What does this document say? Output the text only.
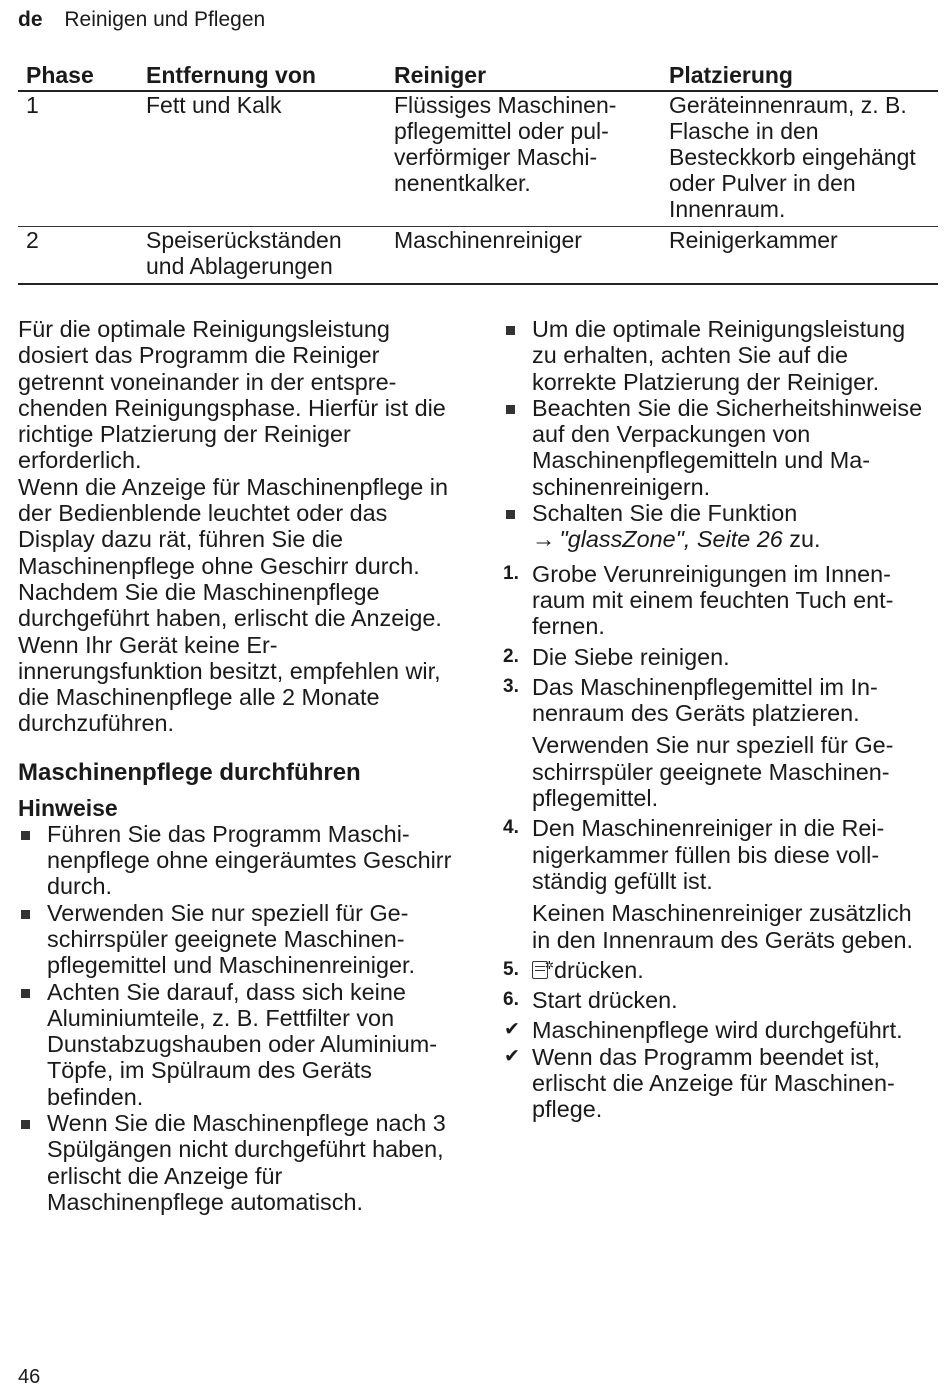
de Reinigen und Pflegen
Phase	Entfernung von	Reiniger	Platzierung
1	Fett und Kalk	Flüssiges Maschinenpflegemittel oder pulverförmiger Maschinenentkalker.	Geräteinnenraum, z. B. Flasche in den Besteckkorb eingehängt oder Pulver in den Innenraum.
2	Speiserückständen und Ablagerungen	Maschinenreiniger	Reinigerkammer

Für die optimale Reinigungsleistung dosiert das Programm die Reiniger getrennt voneinander in der entsprechenden Reinigungsphase. Hierfür ist die richtige Platzierung der Reiniger erforderlich.

Wenn die Anzeige für Maschinenpflege in der Bedienblende leuchtet oder das Display dazu rät, führen Sie die Maschinenpflege ohne Geschirr durch. Nachdem Sie die Maschinenpflege durchgeführt haben, erlischt die Anzeige. Wenn Ihr Gerät keine Erinnerungsfunktion besitzt, empfehlen wir, die Maschinenpflege alle 2 Monate durchzuführen.

Maschinenpflege durchführen
Hinweise
Führen Sie das Programm Maschinenpflege ohne eingeräumtes Geschirr durch.
Verwenden Sie nur speziell für Geschirrspüler geeignete Maschinenpflegemittel und Maschinenreiniger.
Achten Sie darauf, dass sich keine Aluminiumteile, z. B. Fettfilter von Dunstabzugshauben oder Aluminium-Töpfe, im Spülraum des Geräts befinden.
Wenn Sie die Maschinenpflege nach 3 Spülgängen nicht durchgeführt haben, erlischt die Anzeige für Maschinenpflege automatisch.
Um die optimale Reinigungsleistung zu erhalten, achten Sie auf die korrekte Platzierung der Reiniger.
Beachten Sie die Sicherheitshinweise auf den Verpackungen von Maschinenpflegemitteln und Maschinenreinigern.
Schalten Sie die Funktion
→ "glassZone", Seite 26 zu.
1. Grobe Verunreinigungen im Innenraum mit einem feuchten Tuch entfernen.
2. Die Siebe reinigen.
3. Das Maschinenpflegemittel im Innenraum des Geräts platzieren.

Verwenden Sie nur speziell für Geschirrspüler geeignete Maschinenpflegemittel.

4. Den Maschinenreiniger in die Reinigerkammer füllen bis diese vollständig gefüllt ist.

Keinen Maschinenreiniger zusätzlich in den Innenraum des Geräts geben.

5. ✲ drücken.
6. Start drücken.
✔ Maschinenpflege wird durchgeführt.
✔ Wenn das Programm beendet ist, erlischt die Anzeige für Maschinenpflege.
46
